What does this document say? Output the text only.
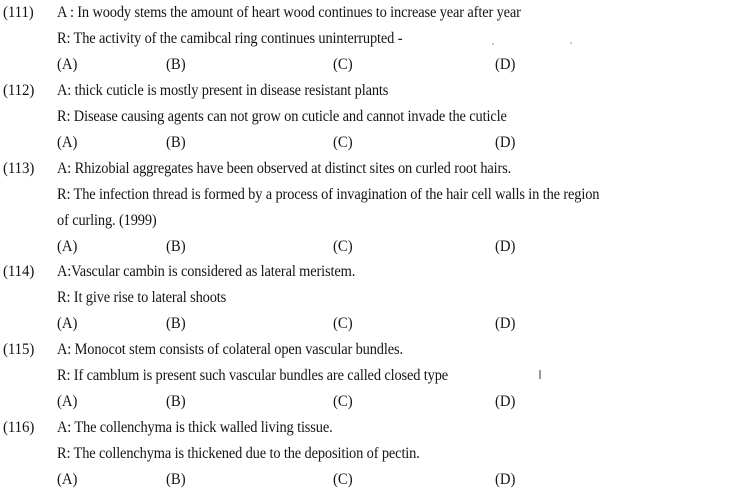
(111)	A : In woody stems the amount of heart wood continues to increase year after year
R: The activity of the camibcal ring continues uninterrupted -
(A)	(B)	(C)	(D)
(112)	A: thick cuticle is mostly present in disease resistant plants
R: Disease causing agents can not grow on cuticle and cannot invade the cuticle
(A)	(B)	(C)	(D)
(113)	A: Rhizobial aggregates have been observed at distinct sites on curled root hairs.
R: The infection thread is formed by a process of invagination of the hair cell walls in the region
of curling. (1999)
(A)	(B)	(C)	(D)
(114)	A:Vascular cambin is considered as lateral meristem.
R: It give rise to lateral shoots
(A)	(B)	(C)	(D)
(115)	A: Monocot stem consists of colateral open vascular bundles.
R: If camblum is present such vascular bundles are called closed type
(A)	(B)	(C)	(D)
(116)	A: The collenchyma is thick walled living tissue.
R: The collenchyma is thickened due to the deposition of pectin.
(A)	(B)	(C)	(D)
